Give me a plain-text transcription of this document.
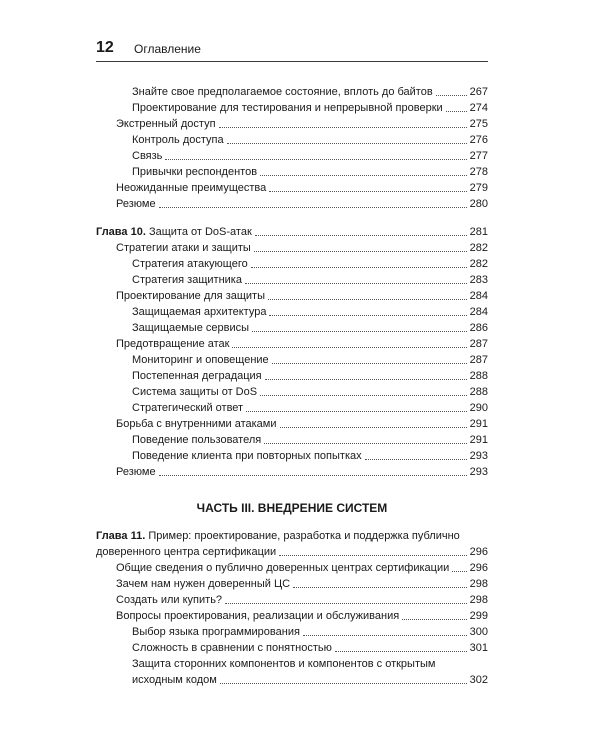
12 Оглавление
Знайте свое предполагаемое состояние, вплоть до байтов	267
Проектирование для тестирования и непрерывной проверки 274
Экстренный доступ	275
Контроль доступа	276
Связь	277
Привычки респондентов	278
Неожиданные преимущества	279
Резюме	280
Глава 10. Защита от DoS-атак	281
Стратегии атаки и защиты	282
Стратегия атакующего	282
Стратегия защитника	283
Проектирование для защиты	284
Защищаемая архитектура	284
Защищаемые сервисы	286
Предотвращение атак	287
Мониторинг и оповещение	287
Постепенная деградация	288
Система защиты от DoS	288
Стратегический ответ	290
Борьба с внутренними атаками	291
Поведение пользователя	291
Поведение клиента при повторных попытках	293
Резюме	293
ЧАСТЬ III. ВНЕДРЕНИЕ СИСТЕМ
Глава 11. Пример: проектирование, разработка и поддержка публично
доверенного центра сертификации	296
Общие сведения о публично доверенных центрах сертификации 296
Зачем нам нужен доверенный ЦС	298
Создать или купить?	298
Вопросы проектирования, реализации и обслуживания	299
Выбор языка программирования	300
Сложность в сравнении с понятностью	301
Защита сторонних компонентов и компонентов с открытым
исходным кодом	302
